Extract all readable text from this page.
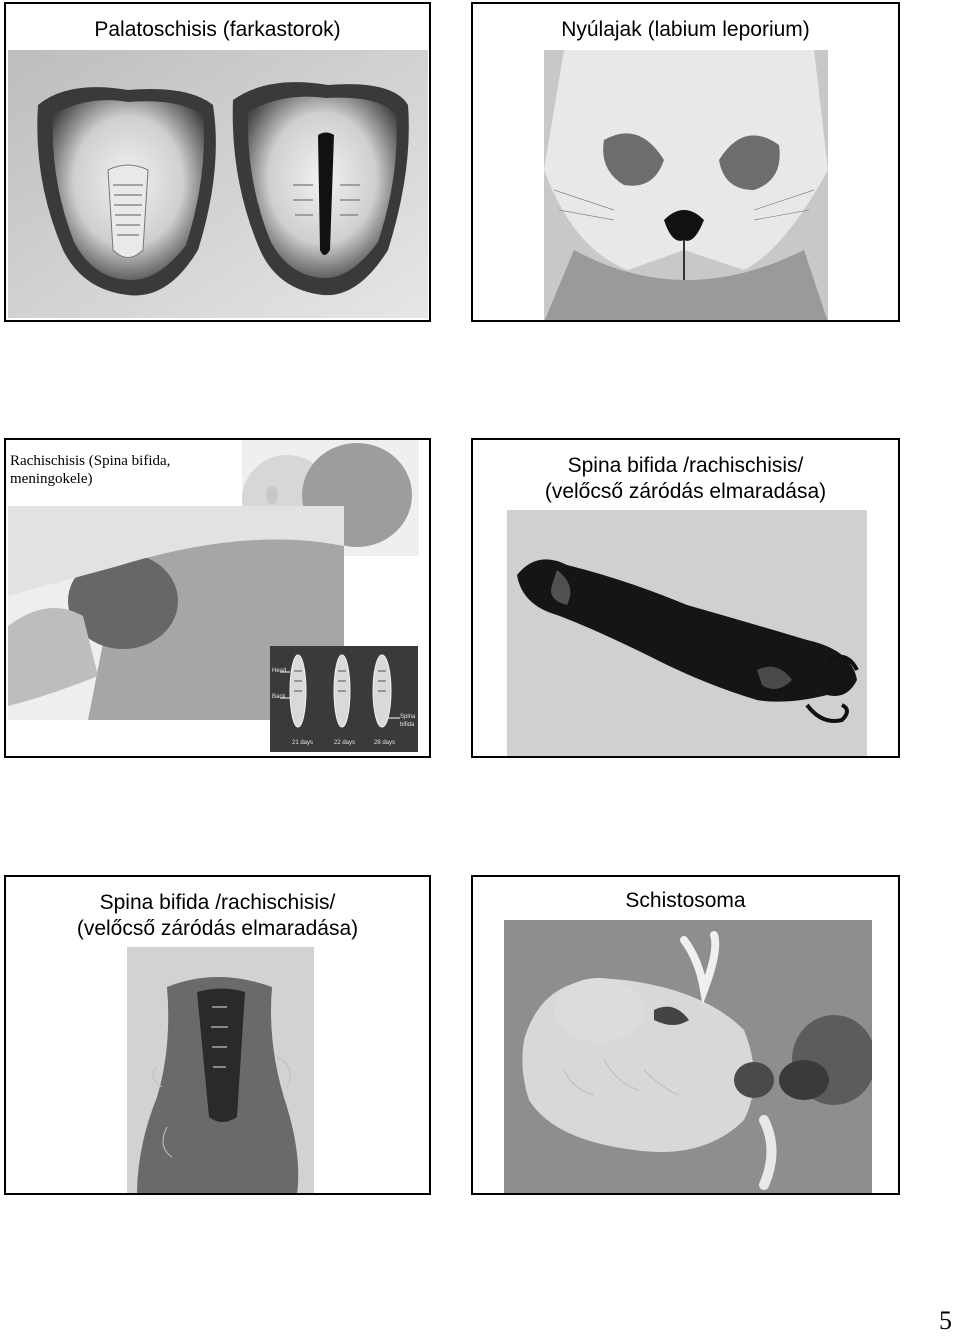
Palatoschisis (farkastorok)	Nyúlajak (labium leporium)
Rachischisis (Spina bifida,
meningokele)
Head
Back
Spina
bifida
21 days	22 days	28 days
Spina bifida /rachischisis/
(velőcső záródás elmaradása)
Spina bifida /rachischisis/
(velőcső záródás elmaradása)
Schistosoma
5
